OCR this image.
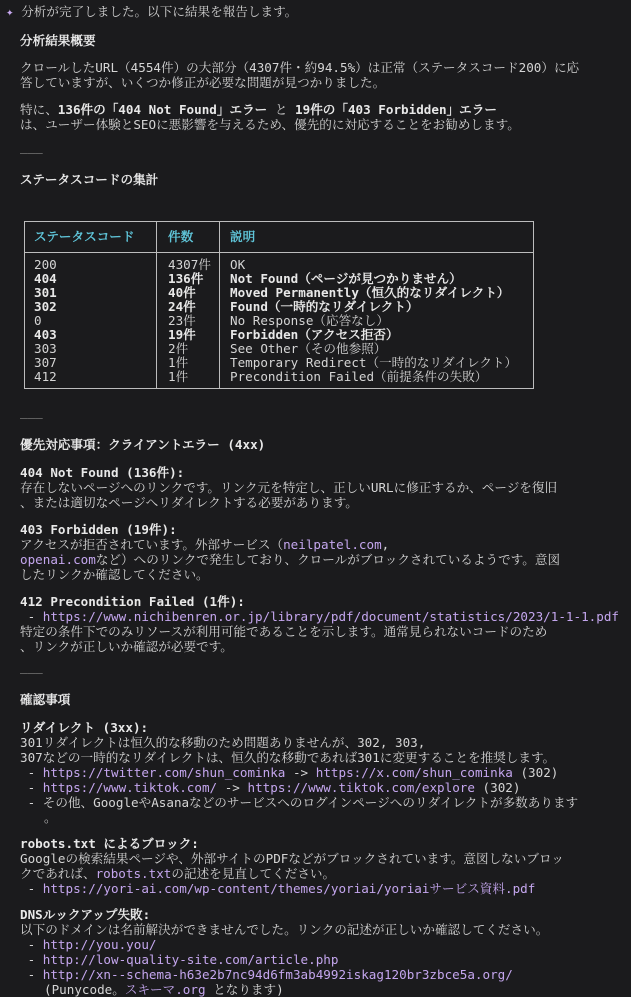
✦ 分析が完了しました。以下に結果を報告します。
分析結果概要
クロールしたURL（4554件）の大部分（4307件・約94.5%）は正常（ステータスコード200）に応
答していますが、いくつか修正が必要な問題が見つかりました。
特に、136件の「404 Not Found」エラー と 19件の「403 Forbidden」エラー
は、ユーザー体験とSEOに悪影響を与えるため、優先的に対応することをお勧めします。
———
ステータスコードの集計
ステータスコード	件数	説明
200	4307件 OK
404	136件 Not Found（ページが見つかりません）
301	40件	Moved Permanently（恒久的なリダイレクト）
302	24件	Found（一時的なリダイレクト）
0	23件	No Response（応答なし）
403	19件	Forbidden（アクセス拒否）
303	2件	See Other（その他参照）
307	1件	Temporary Redirect（一時的なリダイレクト）
412	1件	Precondition Failed（前提条件の失敗）
———
優先対応事項：クライアントエラー (4xx)
404 Not Found (136件):
存在しないページへのリンクです。リンク元を特定し、正しいURLに修正するか、ページを復旧
、または適切なページへリダイレクトする必要があります。
403 Forbidden (19件):
アクセスが拒否されています。外部サービス（neilpatel.com,
openai.comなど）へのリンクで発生しており、クロールがブロックされているようです。意図
したリンクか確認してください。
412 Precondition Failed (1件):
- https://www.nichibenren.or.jp/library/pdf/document/statistics/2023/1-1-1.pdf
特定の条件下でのみリソースが利用可能であることを示します。通常見られないコードのため
、リンクが正しいか確認が必要です。
———
確認事項
リダイレクト (3xx):
301リダイレクトは恒久的な移動のため問題ありませんが、302, 303,
307などの一時的なリダイレクトは、恒久的な移動であれば301に変更することを推奨します。
- https://twitter.com/shun_cominka -> https://x.com/shun_cominka (302)
- https://www.tiktok.com/ -> https://www.tiktok.com/explore (302)
- その他、GoogleやAsanaなどのサービスへのログインページへのリダイレクトが多数あります
。
robots.txt によるブロック:
Googleの検索結果ページや、外部サイトのPDFなどがブロックされています。意図しないブロッ
クであれば、robots.txtの記述を見直してください。
- https://yori-ai.com/wp-content/themes/yoriai/yoriaiサービス資料.pdf
DNSルックアップ失敗:
以下のドメインは名前解決ができませんでした。リンクの記述が正しいか確認してください。
- http://you.you/
- http://low-quality-site.com/article.php
- http://xn--schema-h63e2b7nc94d6fm3ab4992iskag120br3zbce5a.org/
(Punycode。スキーマ.org となります)
